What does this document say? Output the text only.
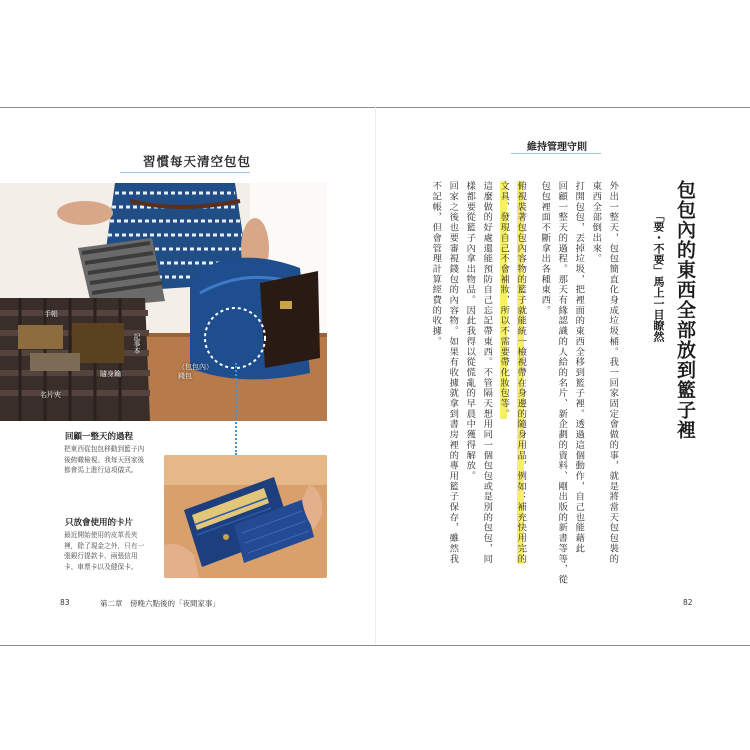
習慣每天清空包包
手帳
記事本
隨身鑰
名片夾
（包包內）錢包
回顧一整天的過程
把東西從包包移動到籃子內
後俯瞰檢視。我每天回家後
都會馬上進行這項儀式。
只放會使用的卡片
最近開始使用的皮革長夾
裡，除了現金之外，只有一
張銀行提款卡、兩張信用
卡、車票卡以及健保卡。
83	第二章　傍晚六點後的「夜間家事」
包包內的東西全部放到籃子裡
「要・不要」馬上一目瞭然
外出一整天，包包簡直化身成垃圾桶。我一回家固定會做的事，就是將當天包包裝的
東西全部倒出來。
打開包包，丟掉垃圾，把裡面的東西全移到籃子裡。透過這個動作，自己也能藉此
回顧一整天的過程。那天有緣認識的人給的名片、新企劃的資料、剛出版的新書等等，從
包包裡面不斷拿出各種東西。
維持管理守則
俯視裝著包包內容物的籃子就能統一檢視帶在身邊的隨身用品，例如：補充快用完的
文具、發現自己不會補妝，所以不需要帶化妝包等。
這麼做的好處還能預防自己忘記帶東西。不管隔天想用同一個包包或是別的包包，同
樣都要從籃子內拿出物品。因此我得以從慌亂的早晨中獲得解放。
回家之後也要審視錢包的內容物。如果有收據就拿到書房裡的專用籃子保存，雖然我
不記帳，但會管理計算經費的收據。
82
